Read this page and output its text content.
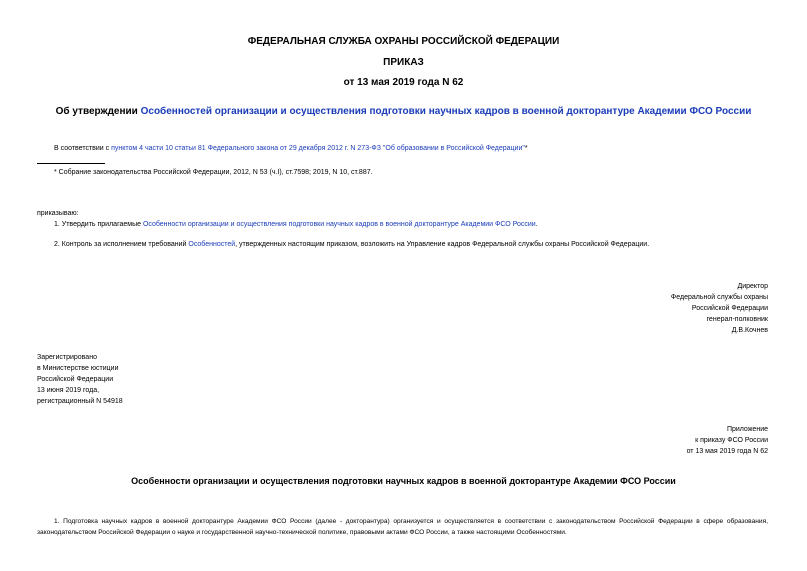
ФЕДЕРАЛЬНАЯ СЛУЖБА ОХРАНЫ РОССИЙСКОЙ ФЕДЕРАЦИИ
ПРИКАЗ
от 13 мая 2019 года N 62
Об утверждении Особенностей организации и осуществления подготовки научных кадров в военной докторантуре Академии ФСО России
В соответствии с пунктом 4 части 10 статьи 81 Федерального закона от 29 декабря 2012 г. N 273-ФЗ "Об образовании в Российской Федерации"*
* Собрание законодательства Российской Федерации, 2012, N 53 (ч.I), ст.7598; 2019, N 10, ст.887.
приказываю:
1. Утвердить прилагаемые Особенности организации и осуществления подготовки научных кадров в военной докторантуре Академии ФСО России.
2. Контроль за исполнением требований Особенностей, утвержденных настоящим приказом, возложить на Управление кадров Федеральной службы охраны Российской Федерации.
Директор
Федеральной службы охраны
Российской Федерации
генерал-полковник
Д.В.Кочнев
Зарегистрировано
в Министерстве юстиции
Российской Федерации
13 июня 2019 года,
регистрационный N 54918
Приложение
к приказу ФСО России
от 13 мая 2019 года N 62
Особенности организации и осуществления подготовки научных кадров в военной докторантуре Академии ФСО России
1. Подготовка научных кадров в военной докторантуре Академии ФСО России (далее - докторантура) организуется и осуществляется в соответствии с законодательством Российской Федерации в сфере образования, законодательством Российской Федерации о науке и государственной научно-технической политике, правовыми актами ФСО России, а также настоящими Особенностями.
